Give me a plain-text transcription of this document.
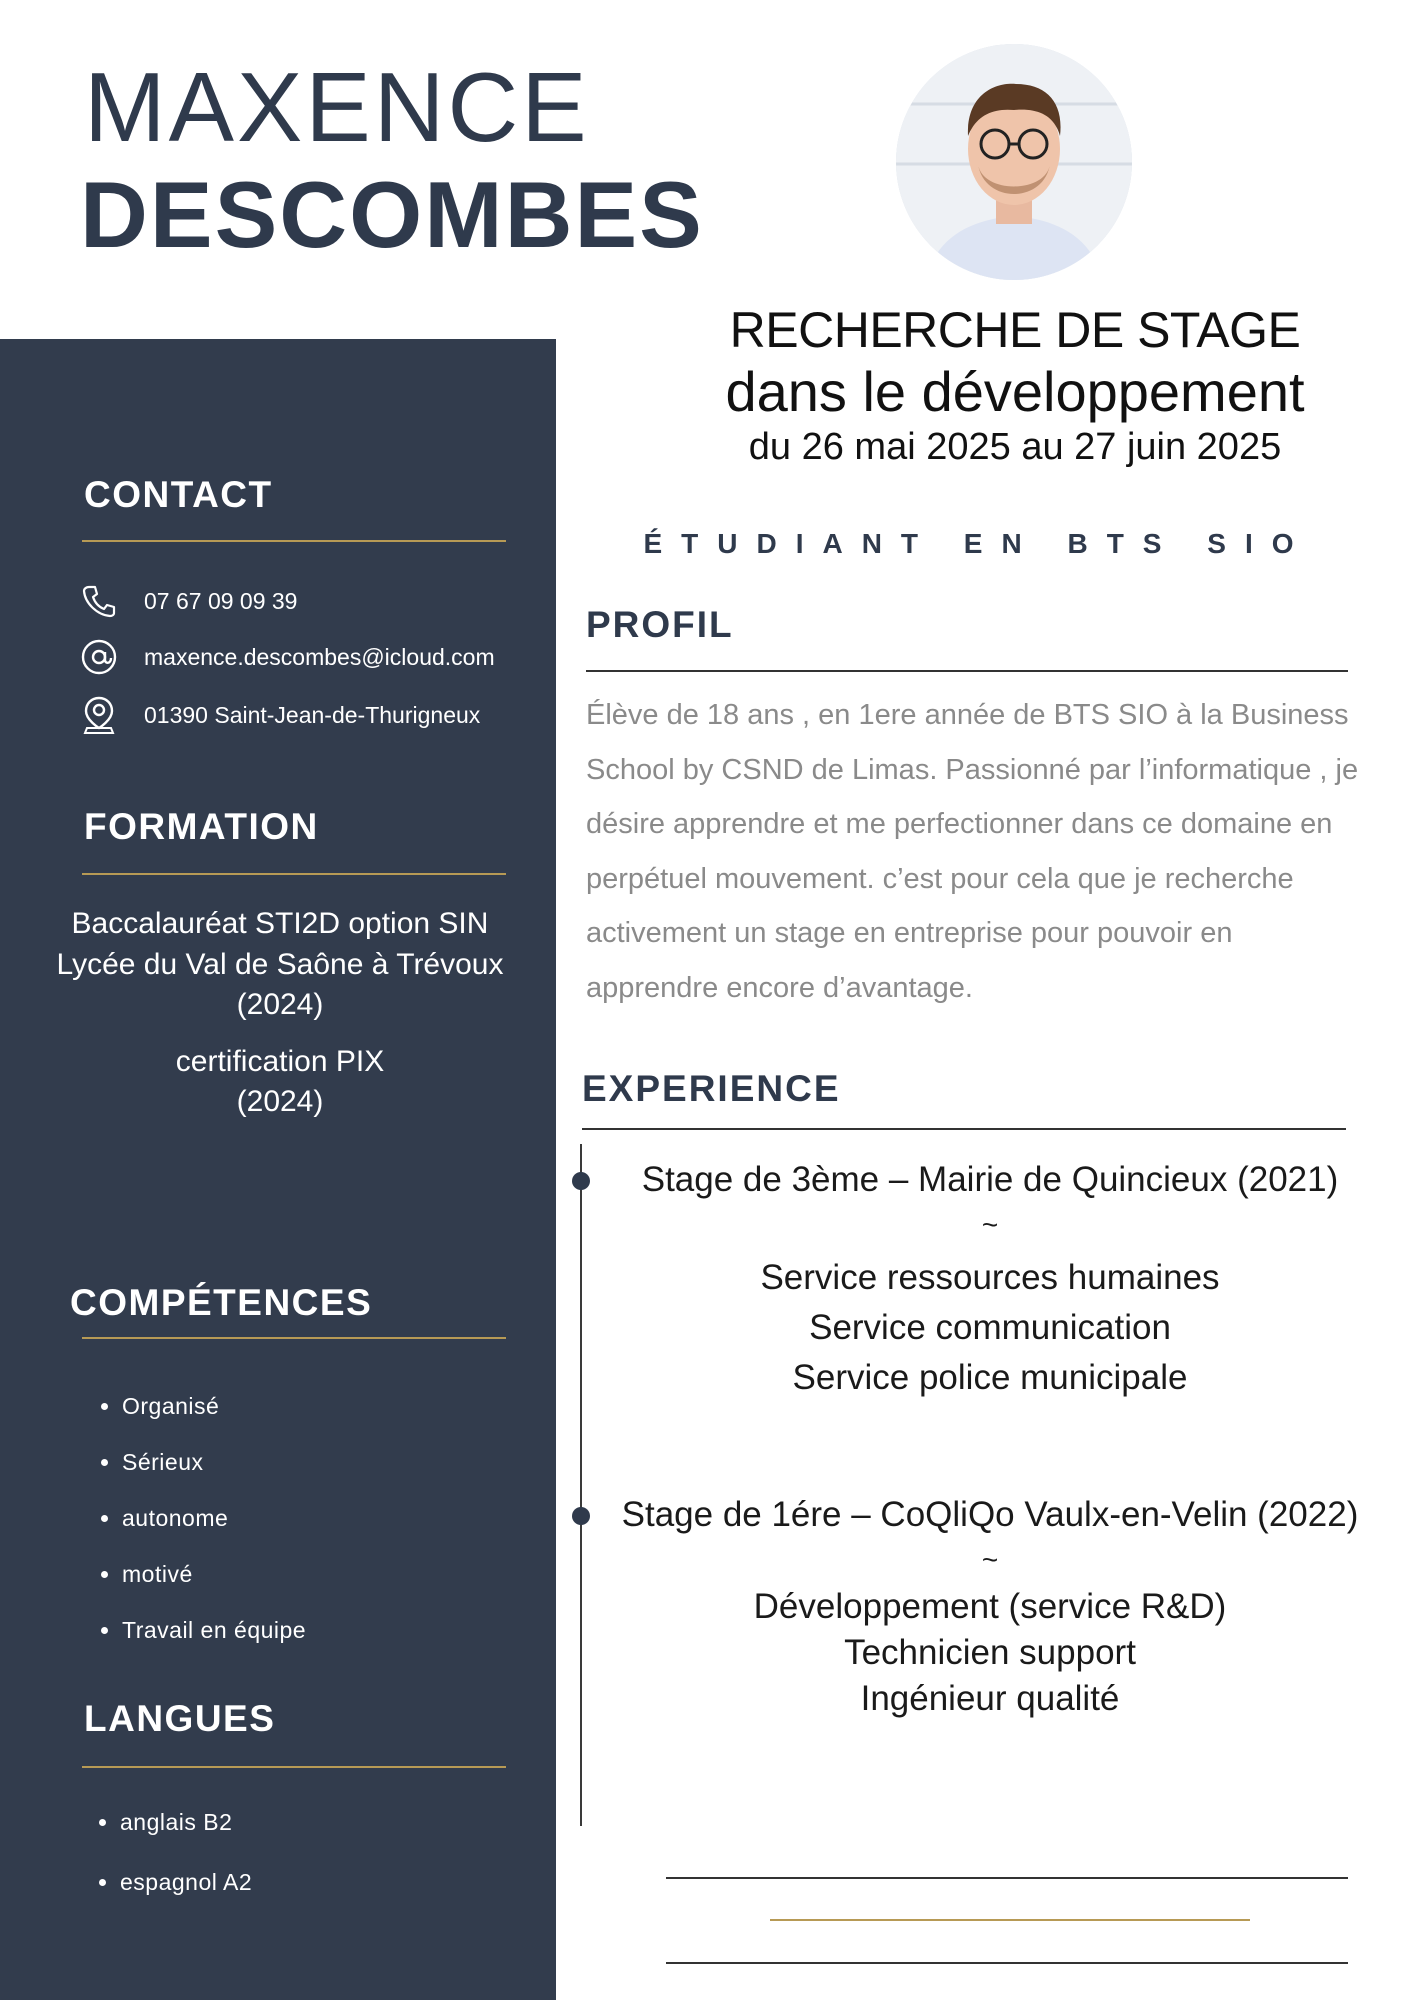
MAXENCE
DESCOMBES
RECHERCHE DE STAGE
dans le développement
du 26 mai 2025 au 27 juin 2025
ÉTUDIANT EN BTS SIO
CONTACT
07 67 09 09 39
maxence.descombes@icloud.com
01390 Saint-Jean-de-Thurigneux
FORMATION
Baccalauréat STI2D option SIN
Lycée du Val de Saône à Trévoux
(2024)
certification PIX
(2024)
COMPÉTENCES
• Organisé
• Sérieux
• autonome
• motivé
• Travail en équipe
LANGUES
• anglais B2
• espagnol A2
PROFIL
Élève de 18 ans , en 1ere année de BTS SIO à la Business School by CSND de Limas. Passionné par l’informatique , je désire apprendre et me perfectionner dans ce domaine en perpétuel mouvement. c’est pour cela que je recherche activement un stage en entreprise pour pouvoir en apprendre encore d’avantage.
EXPERIENCE
Stage de 3ème – Mairie de Quincieux (2021)
~
Service ressources humaines
Service communication
Service police municipale
Stage de 1ére – CoQliQo Vaulx-en-Velin (2022)
~
Développement (service R&D)
Technicien support
Ingénieur qualité
